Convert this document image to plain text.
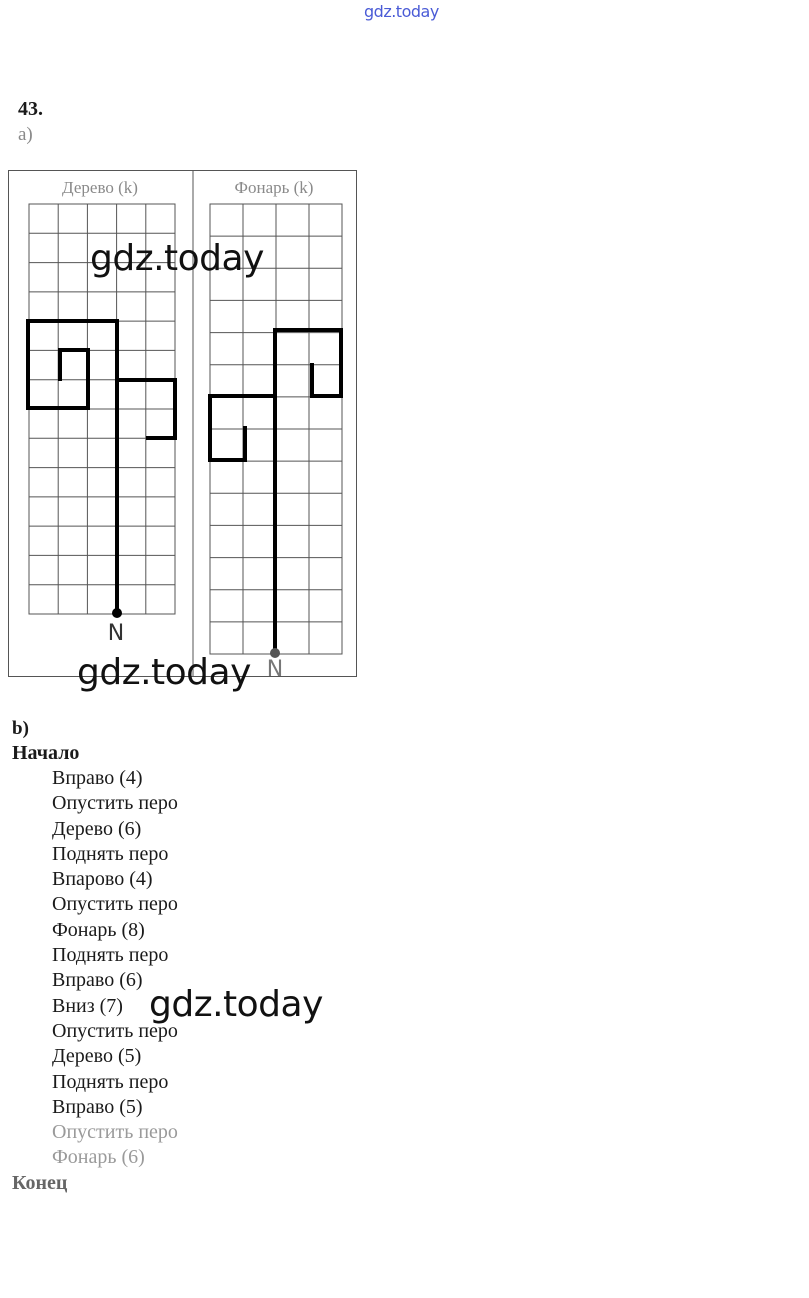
gdz.today
43.
а)
Дерево (k)	Фонарь (k)
N
N
gdz.today
gdz.today
gdz.today
b)
Начало
Вправо (4)
Опустить перо
Дерево (6)
Поднять перо
Впарово (4)
Опустить перо
Фонарь (8)
Поднять перо
Вправо (6)
Вниз (7)
Опустить перо
Дерево (5)
Поднять перо
Вправо (5)
Опустить перо
Фонарь (6)
Конец
